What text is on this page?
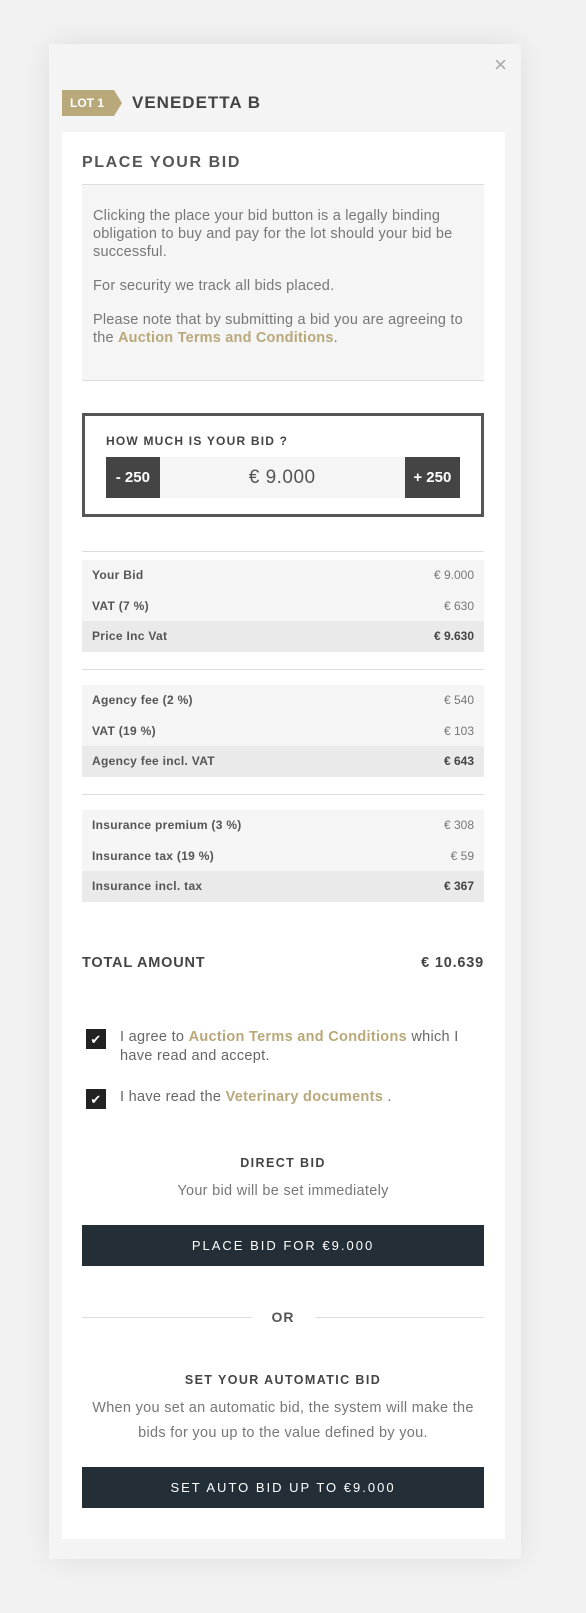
×
LOT 1	VENEDETTA B
PLACE YOUR BID

Clicking the place your bid button is a legally binding obligation to buy and pay for the lot should your bid be successful.

For security we track all bids placed.

Please note that by submitting a bid you are agreeing to the Auction Terms and Conditions.

HOW MUCH IS YOUR BID ?
- 250
€ 9.000	+ 250
Your Bid	€ 9.000
VAT (7 %)	€ 630
Price Inc Vat	€ 9.630
Agency fee (2 %)	€ 540
VAT (19 %)	€ 103
Agency fee incl. VAT	€ 643
Insurance premium (3 %)	€ 308
Insurance tax (19 %)	€ 59
Insurance incl. tax	€ 367
TOTAL AMOUNT	€ 10.639
✔	I agree to Auction Terms and Conditions which I have read and accept.
✔	I have read the Veterinary documents .
DIRECT BID
Your bid will be set immediately
PLACE BID FOR €9.000
OR
SET YOUR AUTOMATIC BID
When you set an automatic bid, the system will make the bids for you up to the value defined by you.
SET AUTO BID UP TO €9.000
